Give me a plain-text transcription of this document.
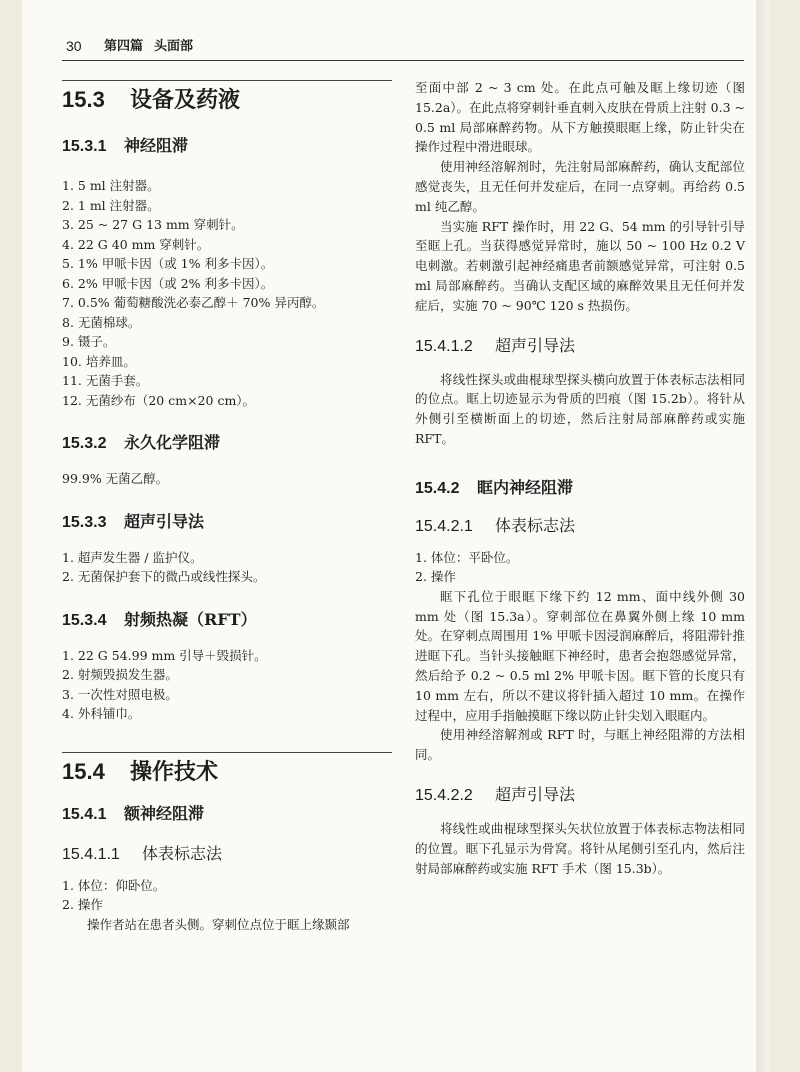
30 第四篇 头面部
15.3 设备及药液
15.3.1 神经阻滞

1. 5 ml 注射器。

2. 1 ml 注射器。

3. 25 ~ 27 G 13 mm 穿刺针。

4. 22 G 40 mm 穿刺针。

5. 1% 甲哌卡因（或 1% 利多卡因）。

6. 2% 甲哌卡因（或 2% 利多卡因）。

7. 0.5% 葡萄糖酸洗必泰乙醇＋ 70% 异丙醇。

8. 无菌棉球。

9. 镊子。

10. 培养皿。

11. 无菌手套。

12. 无菌纱布（20 cm×20 cm）。

15.3.2 永久化学阻滞

99.9% 无菌乙醇。

15.3.3 超声引导法

1. 超声发生器 / 监护仪。

2. 无菌保护套下的微凸或线性探头。

15.3.4 射频热凝（RFT）

1. 22 G 54.99 mm 引导＋毁损针。

2. 射频毁损发生器。

3. 一次性对照电极。

4. 外科铺巾。

15.4 操作技术
15.4.1 额神经阻滞
15.4.1.1 体表标志法

1. 体位：仰卧位。

2. 操作

操作者站在患者头侧。穿刺位点位于眶上缘颞部

至面中部 2 ~ 3 cm 处。在此点可触及眶上缘切迹（图 15.2a）。在此点将穿刺针垂直刺入皮肤在骨质上注射 0.3 ~ 0.5 ml 局部麻醉药物。从下方触摸眼眶上缘，防止针尖在操作过程中滑进眼球。

使用神经溶解剂时，先注射局部麻醉药，确认支配部位感觉丧失，且无任何并发症后，在同一点穿刺。再给药 0.5 ml 纯乙醇。

当实施 RFT 操作时，用 22 G、54 mm 的引导针引导至眶上孔。当获得感觉异常时，施以 50 ~ 100 Hz 0.2 V 电刺激。若刺激引起神经痛患者前额感觉异常，可注射 0.5 ml 局部麻醉药。当确认支配区域的麻醉效果且无任何并发症后，实施 70 ~ 90℃ 120 s 热损伤。

15.4.1.2 超声引导法

将线性探头或曲棍球型探头横向放置于体表标志法相同的位点。眶上切迹显示为骨质的凹痕（图 15.2b）。将针从外侧引至横断面上的切迹，然后注射局部麻醉药或实施 RFT。

15.4.2 眶内神经阻滞
15.4.2.1 体表标志法

1. 体位：平卧位。

2. 操作

眶下孔位于眼眶下缘下约 12 mm、面中线外侧 30 mm 处（图 15.3a）。穿刺部位在鼻翼外侧上缘 10 mm 处。在穿刺点周围用 1% 甲哌卡因浸润麻醉后，将阻滞针推进眶下孔。当针头接触眶下神经时，患者会抱怨感觉异常，然后给予 0.2 ~ 0.5 ml 2% 甲哌卡因。眶下管的长度只有 10 mm 左右，所以不建议将针插入超过 10 mm。在操作过程中，应用手指触摸眶下缘以防止针尖划入眼眶内。

使用神经溶解剂或 RFT 时，与眶上神经阻滞的方法相同。

15.4.2.2 超声引导法

将线性或曲棍球型探头矢状位放置于体表标志物法相同的位置。眶下孔显示为骨窝。将针从尾侧引至孔内，然后注射局部麻醉药或实施 RFT 手术（图 15.3b）。
